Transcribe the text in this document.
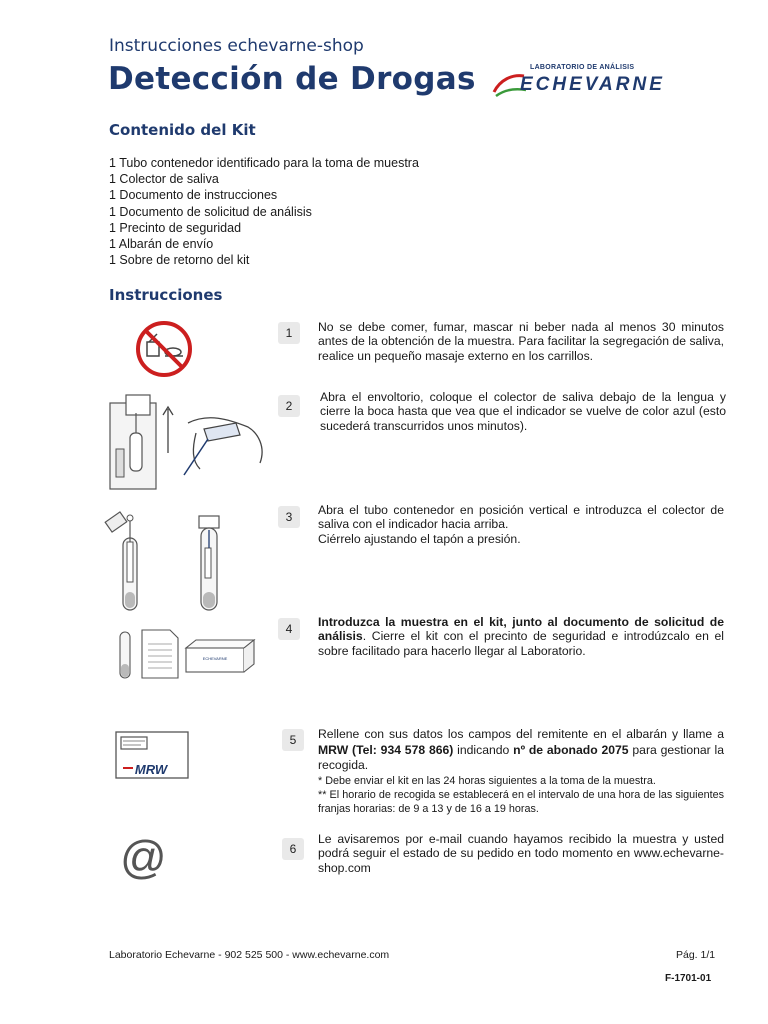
Instrucciones echevarne-shop
Detección de Drogas	LABORATORIO DE ANÁLISIS
ECHEVARNE
Contenido del Kit
1 Tubo contenedor identificado para la toma de muestra
1 Colector de saliva
1 Documento de instrucciones
1 Documento de solicitud de análisis
1 Precinto de seguridad
1 Albarán de envío
1 Sobre de retorno del kit
Instrucciones
1	No se debe comer, fumar, mascar ni beber nada al menos 30 minutos antes de la obtención de la muestra. Para facilitar la segregación de saliva, realice un pequeño masaje externo en los carrillos.
2
Abra el envoltorio, coloque el colector de saliva debajo de la lengua y cierre la boca hasta que vea que el indicador se vuelve de color azul (esto sucederá transcurridos unos minutos).
3	Abra el tubo contenedor en posición vertical e introduzca el colector de saliva con el indicador hacia arriba.
Ciérrelo ajustando el tapón a presión.
ECHEVARNE
4	Introduzca la muestra en el kit, junto al documento de solicitud de análisis. Cierre el kit con el precinto de seguridad e introdúzcalo en el sobre facilitado para hacerlo llegar al Laboratorio.
MRW
5	Rellene con sus datos los campos del remitente en el albarán y llame a MRW (Tel: 934 578 866) indicando nº de abonado 2075 para gestionar la recogida.
* Debe enviar el kit en las 24 horas siguientes a la toma de la muestra.
** El horario de recogida se establecerá en el intervalo de una hora de las siguientes franjas horarias: de 9 a 13 y de 16 a 19 horas.
@	6
Le avisaremos por e-mail cuando hayamos recibido la muestra y usted podrá seguir el estado de su pedido en todo momento en www.echevarne-shop.com
Laboratorio Echevarne - 902 525 500 - www.echevarne.com	Pág. 1/1
F-1701-01
